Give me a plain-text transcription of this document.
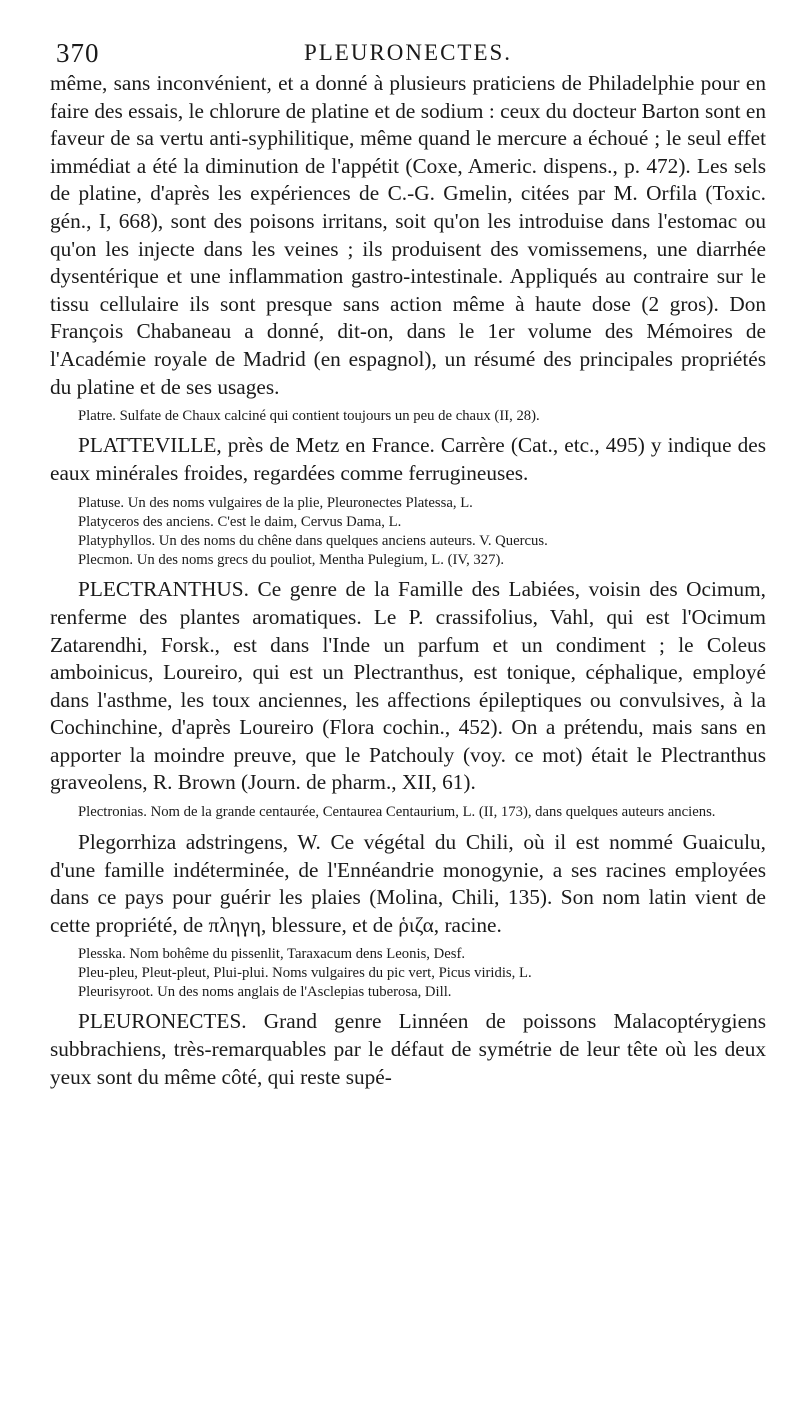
370	PLEURONECTES.

même, sans inconvénient, et a donné à plusieurs praticiens de Philadelphie pour en faire des essais, le chlorure de platine et de sodium : ceux du docteur Barton sont en faveur de sa vertu anti-syphilitique, même quand le mercure a échoué ; le seul effet immédiat a été la diminution de l'appétit (Coxe, Americ. dispens., p. 472). Les sels de platine, d'après les expériences de C.-G. Gmelin, citées par M. Orfila (Toxic. gén., I, 668), sont des poisons irritans, soit qu'on les introduise dans l'estomac ou qu'on les injecte dans les veines ; ils produisent des vomissemens, une diarrhée dysentérique et une inflammation gastro-intestinale. Appliqués au contraire sur le tissu cellulaire ils sont presque sans action même à haute dose (2 gros). Don François Chabaneau a donné, dit-on, dans le 1er volume des Mémoires de l'Académie royale de Madrid (en espagnol), un résumé des principales propriétés du platine et de ses usages.

Platre. Sulfate de Chaux calciné qui contient toujours un peu de chaux (II, 28).

PLATTEVILLE, près de Metz en France. Carrère (Cat., etc., 495) y indique des eaux minérales froides, regardées comme ferrugineuses.

Platuse. Un des noms vulgaires de la plie, Pleuronectes Platessa, L.

Platyceros des anciens. C'est le daim, Cervus Dama, L.

Platyphyllos. Un des noms du chêne dans quelques anciens auteurs. V. Quercus.

Plecmon. Un des noms grecs du pouliot, Mentha Pulegium, L. (IV, 327).

PLECTRANTHUS. Ce genre de la Famille des Labiées, voisin des Ocimum, renferme des plantes aromatiques. Le P. crassifolius, Vahl, qui est l'Ocimum Zatarendhi, Forsk., est dans l'Inde un parfum et un condiment ; le Coleus amboinicus, Loureiro, qui est un Plectranthus, est tonique, céphalique, employé dans l'asthme, les toux anciennes, les affections épileptiques ou convulsives, à la Cochinchine, d'après Loureiro (Flora cochin., 452). On a prétendu, mais sans en apporter la moindre preuve, que le Patchouly (voy. ce mot) était le Plectranthus graveolens, R. Brown (Journ. de pharm., XII, 61).

Plectronias. Nom de la grande centaurée, Centaurea Centaurium, L. (II, 173), dans quelques auteurs anciens.

Plegorrhiza adstringens, W. Ce végétal du Chili, où il est nommé Guaiculu, d'une famille indéterminée, de l'Ennéandrie monogynie, a ses racines employées dans ce pays pour guérir les plaies (Molina, Chili, 135). Son nom latin vient de cette propriété, de πληγη, blessure, et de ῥιζα, racine.

Plesska. Nom bohême du pissenlit, Taraxacum dens Leonis, Desf.

Pleu-pleu, Pleut-pleut, Plui-plui. Noms vulgaires du pic vert, Picus viridis, L.

Pleurisyroot. Un des noms anglais de l'Asclepias tuberosa, Dill.

PLEURONECTES. Grand genre Linnéen de poissons Malacoptérygiens subbrachiens, très-remarquables par le défaut de symétrie de leur tête où les deux yeux sont du même côté, qui reste supé-
